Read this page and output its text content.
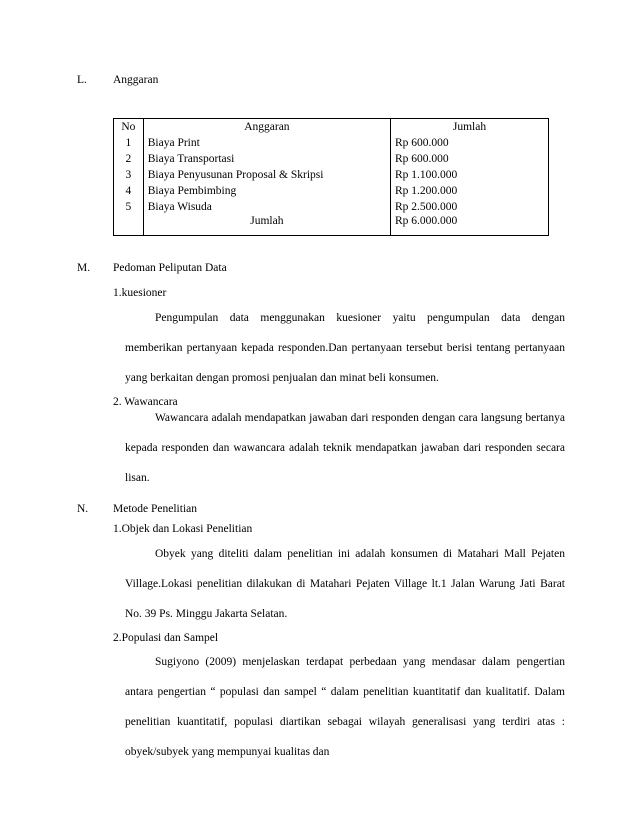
L. Anggaran
No	Anggaran	Jumlah
1	Biaya Print	Rp 600.000
2	Biaya Transportasi	Rp 600.000
3	Biaya Penyusunan Proposal & Skripsi	Rp 1.100.000
4	Biaya Pembimbing	Rp 1.200.000
5	Biaya Wisuda	Rp 2.500.000
	Jumlah	Rp 6.000.000
M. Pedoman Peliputan Data
1.kuesioner
Pengumpulan data menggunakan kuesioner yaitu pengumpulan data dengan memberikan pertanyaan kepada responden.Dan pertanyaan tersebut berisi tentang pertanyaan yang berkaitan dengan promosi penjualan dan minat beli konsumen.
2. Wawancara
Wawancara adalah mendapatkan jawaban dari responden dengan cara langsung bertanya kepada responden dan wawancara adalah teknik mendapatkan jawaban dari responden secara lisan.
N. Metode Penelitian
1.Objek dan Lokasi Penelitian
Obyek yang diteliti dalam penelitian ini adalah konsumen di Matahari Mall Pejaten Village.Lokasi penelitian dilakukan di Matahari Pejaten Village lt.1 Jalan Warung Jati Barat No. 39 Ps. Minggu Jakarta Selatan.
2.Populasi dan Sampel
Sugiyono (2009) menjelaskan terdapat perbedaan yang mendasar dalam pengertian antara pengertian “ populasi dan sampel “ dalam penelitian kuantitatif dan kualitatif. Dalam penelitian kuantitatif, populasi diartikan sebagai wilayah generalisasi yang terdiri atas : obyek/subyek yang mempunyai kualitas dan
